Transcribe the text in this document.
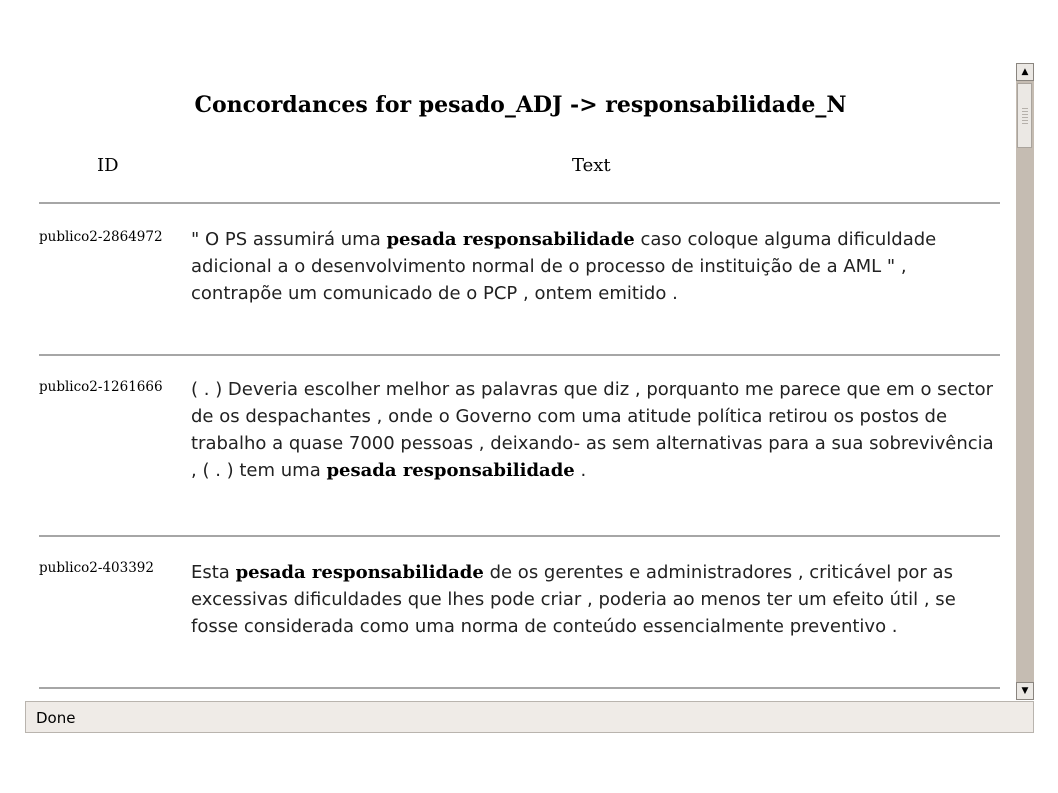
Concordances for pesado_ADJ -> responsabilidade_N
ID	Text
publico2-2864972 " O PS assumirá uma pesada responsabilidade caso coloque alguma dificuldade adicional a o desenvolvimento normal de o processo de instituição de a AML " , contrapõe um comunicado de o PCP , ontem emitido .
publico2-1261666 ( . ) Deveria escolher melhor as palavras que diz , porquanto me parece que em o sector de os despachantes , onde o Governo com uma atitude política retirou os postos de trabalho a quase 7000 pessoas , deixando- as sem alternativas para a sua sobrevivência , ( . ) tem uma pesada responsabilidade .
publico2-403392 Esta pesada responsabilidade de os gerentes e administradores , criticável por as excessivas dificuldades que lhes pode criar , poderia ao menos ter um efeito útil , se fosse considerada como uma norma de conteúdo essencialmente preventivo .
▲
▼
Done
